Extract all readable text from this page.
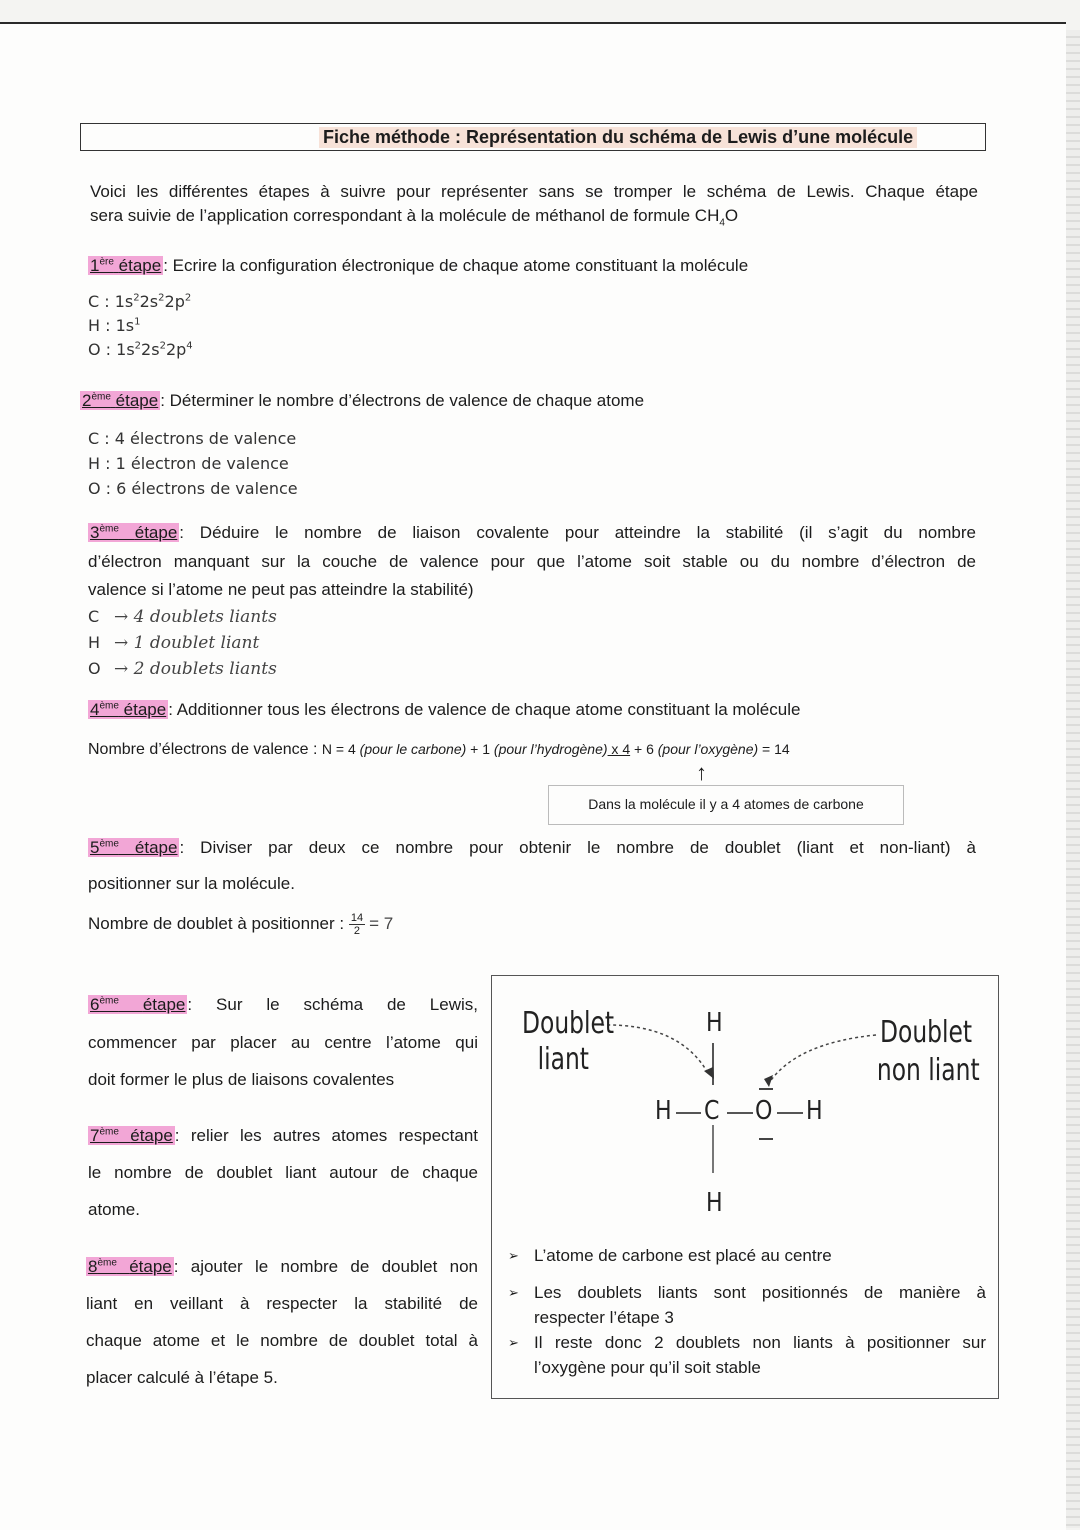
Fiche méthode : Représentation du schéma de Lewis d’une molécule
Voici les différentes étapes à suivre pour représenter sans se tromper le schéma de Lewis. Chaque étape
sera suivie de l’application correspondant à la molécule de méthanol de formule $CH_4O$
1ère étape : Ecrire la configuration électronique de chaque atome constituant la molécule
C : $1s^22s^22p^2$
H : $1s^1$
O : $1s^22s^22p^4$
2ème étape : Déterminer le nombre d’électrons de valence de chaque atome
C : 4 électrons de valence
H : 1 électron de valence
O : 6 électrons de valence
3ème étape : Déduire le nombre de liaison covalente pour atteindre la stabilité (il s’agit du nombre
d’électron manquant sur la couche de valence pour que l’atome soit stable ou du nombre d’électron de
valence si l’atome ne peut pas atteindre la stabilité)
C → 4 doublets liants
H → 1 doublet liant
O → 2 doublets liants
4ème étape : Additionner tous les électrons de valence de chaque atome constituant la molécule
Nombre d’électrons de valence : N = 4 (pour le carbone) + 1 (pour l’hydrogène) x 4 + 6 (pour l’oxygène) = 14
↑
Dans la molécule il y a 4 atomes de carbone
5ème étape : Diviser par deux ce nombre pour obtenir le nombre de doublet (liant et non-liant) à
positionner sur la molécule.
Nombre de doublet à positionner : $\frac{14}{2} = 7$
6ème étape : Sur le schéma de Lewis,
commencer par placer au centre l’atome qui
doit former le plus de liaisons covalentes
7ème étape : relier les autres atomes respectant
le nombre de doublet liant autour de chaque
atome.
8ème étape : ajouter le nombre de doublet non
liant en veillant à respecter la stabilité de
chaque atome et le nombre de doublet total à
placer calculé à l’étape 5.
Doublet
liant
Doublet
non liant
H
H C O H
H
➢ L’atome de carbone est placé au centre
➢ Les doublets liants sont positionnés de manière à
respecter l’étape 3
➢ Il reste donc 2 doublets non liants à positionner sur
l’oxygène pour qu’il soit stable
